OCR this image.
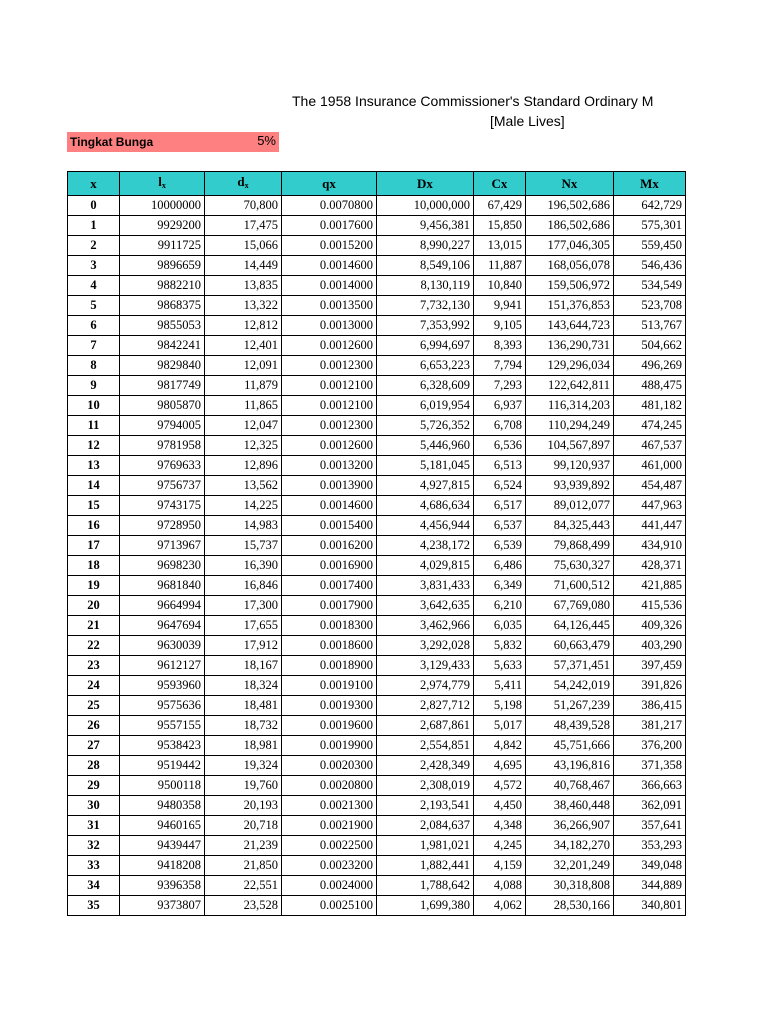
The 1958 Insurance Commissioner's Standard Ordinary M
[Male Lives]
Tingkat Bunga	5%
x	$l_x$	$d_x$	qx	Dx	Cx	Nx	Mx
0	10000000	70,800	0.0070800	10,000,000	67,429	196,502,686	642,729
1	9929200	17,475	0.0017600	9,456,381	15,850	186,502,686	575,301
2	9911725	15,066	0.0015200	8,990,227	13,015	177,046,305	559,450
3	9896659	14,449	0.0014600	8,549,106	11,887	168,056,078	546,436
4	9882210	13,835	0.0014000	8,130,119	10,840	159,506,972	534,549
5	9868375	13,322	0.0013500	7,732,130	9,941	151,376,853	523,708
6	9855053	12,812	0.0013000	7,353,992	9,105	143,644,723	513,767
7	9842241	12,401	0.0012600	6,994,697	8,393	136,290,731	504,662
8	9829840	12,091	0.0012300	6,653,223	7,794	129,296,034	496,269
9	9817749	11,879	0.0012100	6,328,609	7,293	122,642,811	488,475
10	9805870	11,865	0.0012100	6,019,954	6,937	116,314,203	481,182
11	9794005	12,047	0.0012300	5,726,352	6,708	110,294,249	474,245
12	9781958	12,325	0.0012600	5,446,960	6,536	104,567,897	467,537
13	9769633	12,896	0.0013200	5,181,045	6,513	99,120,937	461,000
14	9756737	13,562	0.0013900	4,927,815	6,524	93,939,892	454,487
15	9743175	14,225	0.0014600	4,686,634	6,517	89,012,077	447,963
16	9728950	14,983	0.0015400	4,456,944	6,537	84,325,443	441,447
17	9713967	15,737	0.0016200	4,238,172	6,539	79,868,499	434,910
18	9698230	16,390	0.0016900	4,029,815	6,486	75,630,327	428,371
19	9681840	16,846	0.0017400	3,831,433	6,349	71,600,512	421,885
20	9664994	17,300	0.0017900	3,642,635	6,210	67,769,080	415,536
21	9647694	17,655	0.0018300	3,462,966	6,035	64,126,445	409,326
22	9630039	17,912	0.0018600	3,292,028	5,832	60,663,479	403,290
23	9612127	18,167	0.0018900	3,129,433	5,633	57,371,451	397,459
24	9593960	18,324	0.0019100	2,974,779	5,411	54,242,019	391,826
25	9575636	18,481	0.0019300	2,827,712	5,198	51,267,239	386,415
26	9557155	18,732	0.0019600	2,687,861	5,017	48,439,528	381,217
27	9538423	18,981	0.0019900	2,554,851	4,842	45,751,666	376,200
28	9519442	19,324	0.0020300	2,428,349	4,695	43,196,816	371,358
29	9500118	19,760	0.0020800	2,308,019	4,572	40,768,467	366,663
30	9480358	20,193	0.0021300	2,193,541	4,450	38,460,448	362,091
31	9460165	20,718	0.0021900	2,084,637	4,348	36,266,907	357,641
32	9439447	21,239	0.0022500	1,981,021	4,245	34,182,270	353,293
33	9418208	21,850	0.0023200	1,882,441	4,159	32,201,249	349,048
34	9396358	22,551	0.0024000	1,788,642	4,088	30,318,808	344,889
35	9373807	23,528	0.0025100	1,699,380	4,062	28,530,166	340,801
